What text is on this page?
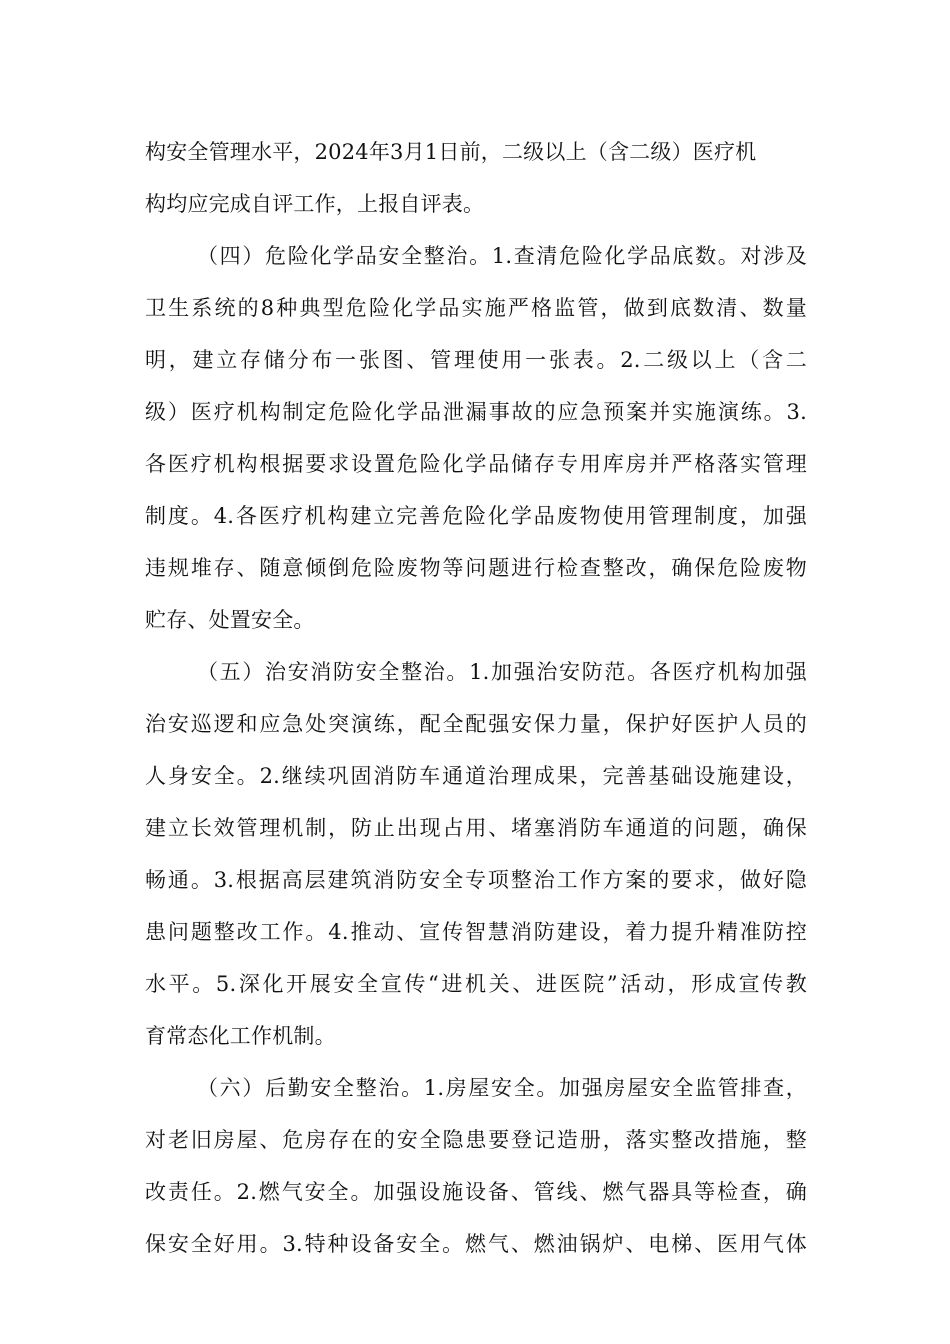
构安全管理水平，2024年3月1日前，二级以上（含二级）医疗机
构均应完成自评工作，上报自评表。
（四）危险化学品安全整治。1.查清危险化学品底数。对涉及
卫生系统的8种典型危险化学品实施严格监管，做到底数清、数量
明，建立存储分布一张图、管理使用一张表。2.二级以上（含二
级）医疗机构制定危险化学品泄漏事故的应急预案并实施演练。3.
各医疗机构根据要求设置危险化学品储存专用库房并严格落实管理
制度。4.各医疗机构建立完善危险化学品废物使用管理制度，加强
违规堆存、随意倾倒危险废物等问题进行检查整改，确保危险废物
贮存、处置安全。
（五）治安消防安全整治。1.加强治安防范。各医疗机构加强
治安巡逻和应急处突演练，配全配强安保力量，保护好医护人员的
人身安全。2.继续巩固消防车通道治理成果，完善基础设施建设，
建立长效管理机制，防止出现占用、堵塞消防车通道的问题，确保
畅通。3.根据高层建筑消防安全专项整治工作方案的要求，做好隐
患问题整改工作。4.推动、宣传智慧消防建设，着力提升精准防控
水平。5.深化开展安全宣传“进机关、进医院”活动，形成宣传教
育常态化工作机制。
（六）后勤安全整治。1.房屋安全。加强房屋安全监管排查，
对老旧房屋、危房存在的安全隐患要登记造册，落实整改措施，整
改责任。2.燃气安全。加强设施设备、管线、燃气器具等检查，确
保安全好用。3.特种设备安全。燃气、燃油锅炉、电梯、医用气体
